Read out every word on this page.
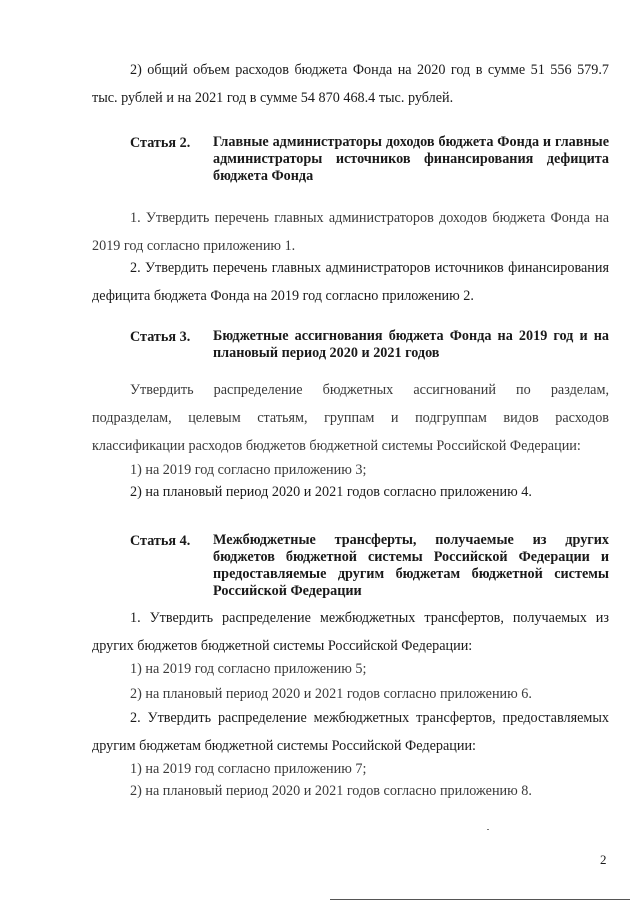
2) общий объем расходов бюджета Фонда на 2020 год в сумме 51 556 579.7 тыс. рублей и на 2021 год в сумме 54 870 468.4 тыс. рублей.

Статья 2. Главные администраторы доходов бюджета Фонда и главные администраторы источников финансирования дефицита бюджета Фонда

1. Утвердить перечень главных администраторов доходов бюджета Фонда на 2019 год согласно приложению 1.

2. Утвердить перечень главных администраторов источников финансирования дефицита бюджета Фонда на 2019 год согласно приложению 2.

Статья 3. Бюджетные ассигнования бюджета Фонда на 2019 год и на плановый период 2020 и 2021 годов

Утвердить распределение бюджетных ассигнований по разделам, подразделам, целевым статьям, группам и подгруппам видов расходов классификации расходов бюджетов бюджетной системы Российской Федерации:

1) на 2019 год согласно приложению 3;

2) на плановый период 2020 и 2021 годов согласно приложению 4.

Статья 4. Межбюджетные трансферты, получаемые из других бюджетов бюджетной системы Российской Федерации и предоставляемые другим бюджетам бюджетной системы Российской Федерации

1. Утвердить распределение межбюджетных трансфертов, получаемых из других бюджетов бюджетной системы Российской Федерации:

1) на 2019 год согласно приложению 5;

2) на плановый период 2020 и 2021 годов согласно приложению 6.

2. Утвердить распределение межбюджетных трансфертов, предоставляемых другим бюджетам бюджетной системы Российской Федерации:

1) на 2019 год согласно приложению 7;

2) на плановый период 2020 и 2021 годов согласно приложению 8.

2
